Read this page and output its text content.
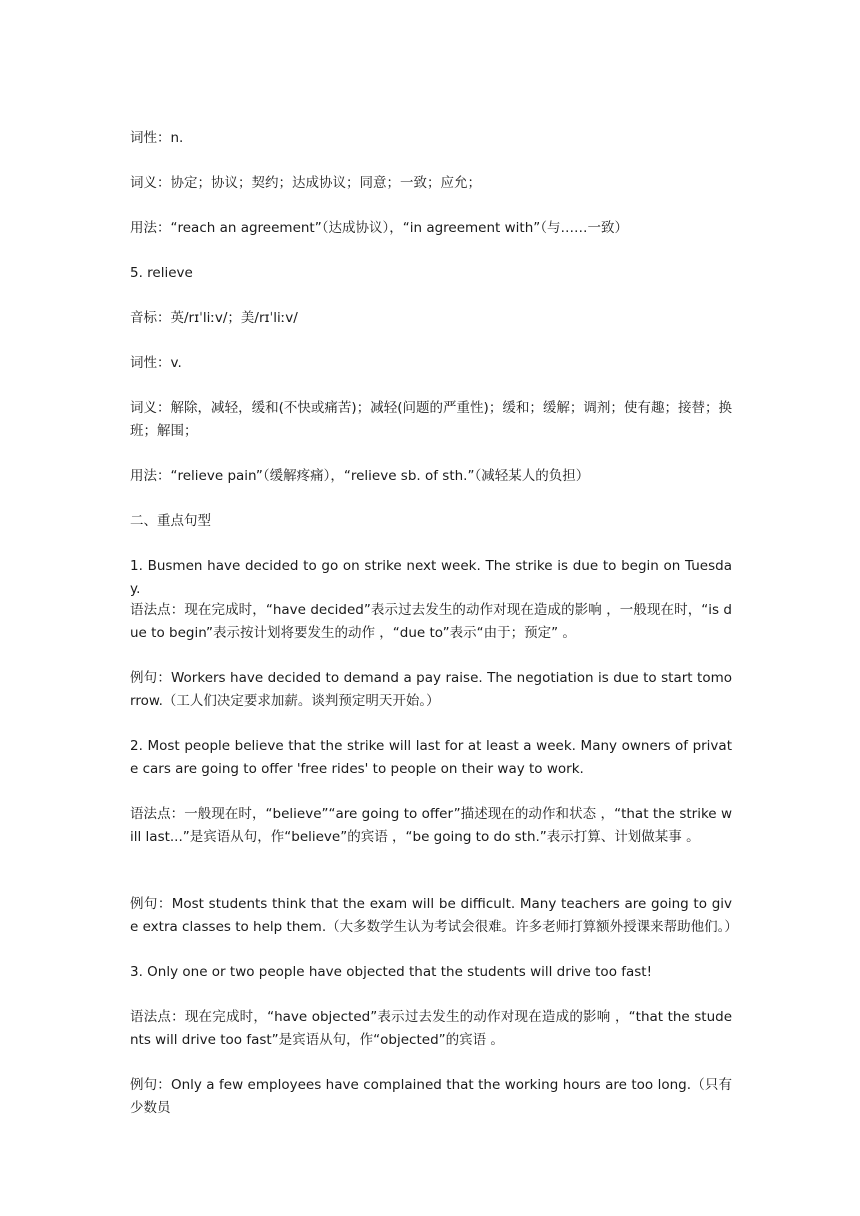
词性：n.

词义：协定；协议；契约；达成协议；同意；一致；应允；

用法：“reach an agreement”（达成协议），“in agreement with”（与……一致）

5. relieve

音标：英/rɪˈliːv/；美/rɪˈliːv/

词性：v.

词义：解除，减轻，缓和(不快或痛苦)；减轻(问题的严重性)；缓和；缓解；调剂；使有趣；接替；换班；解围；

用法：“relieve pain”（缓解疼痛），“relieve sb. of sth.”（减轻某人的负担）

二、重点句型

1. Busmen have decided to go on strike next week. The strike is due to begin on Tuesday.

语法点：现在完成时，“have decided”表示过去发生的动作对现在造成的影响 ，一般现在时，“is due to begin”表示按计划将要发生的动作 ，“due to”表示“由于；预定” 。

例句：Workers have decided to demand a pay raise. The negotiation is due to start tomorrow.（工人们决定要求加薪。谈判预定明天开始。）

2. Most people believe that the strike will last for at least a week. Many owners of private cars are going to offer 'free rides' to people on their way to work.

语法点：一般现在时，“believe”“are going to offer”描述现在的动作和状态 ，“that the strike will last...”是宾语从句，作“believe”的宾语 ，“be going to do sth.”表示打算、计划做某事 。

例句：Most students think that the exam will be difficult. Many teachers are going to give extra classes to help them.（大多数学生认为考试会很难。许多老师打算额外授课来帮助他们。）

3. Only one or two people have objected that the students will drive too fast!

语法点：现在完成时，“have objected”表示过去发生的动作对现在造成的影响 ，“that the students will drive too fast”是宾语从句，作“objected”的宾语 。

例句：Only a few employees have complained that the working hours are too long.（只有少数员
